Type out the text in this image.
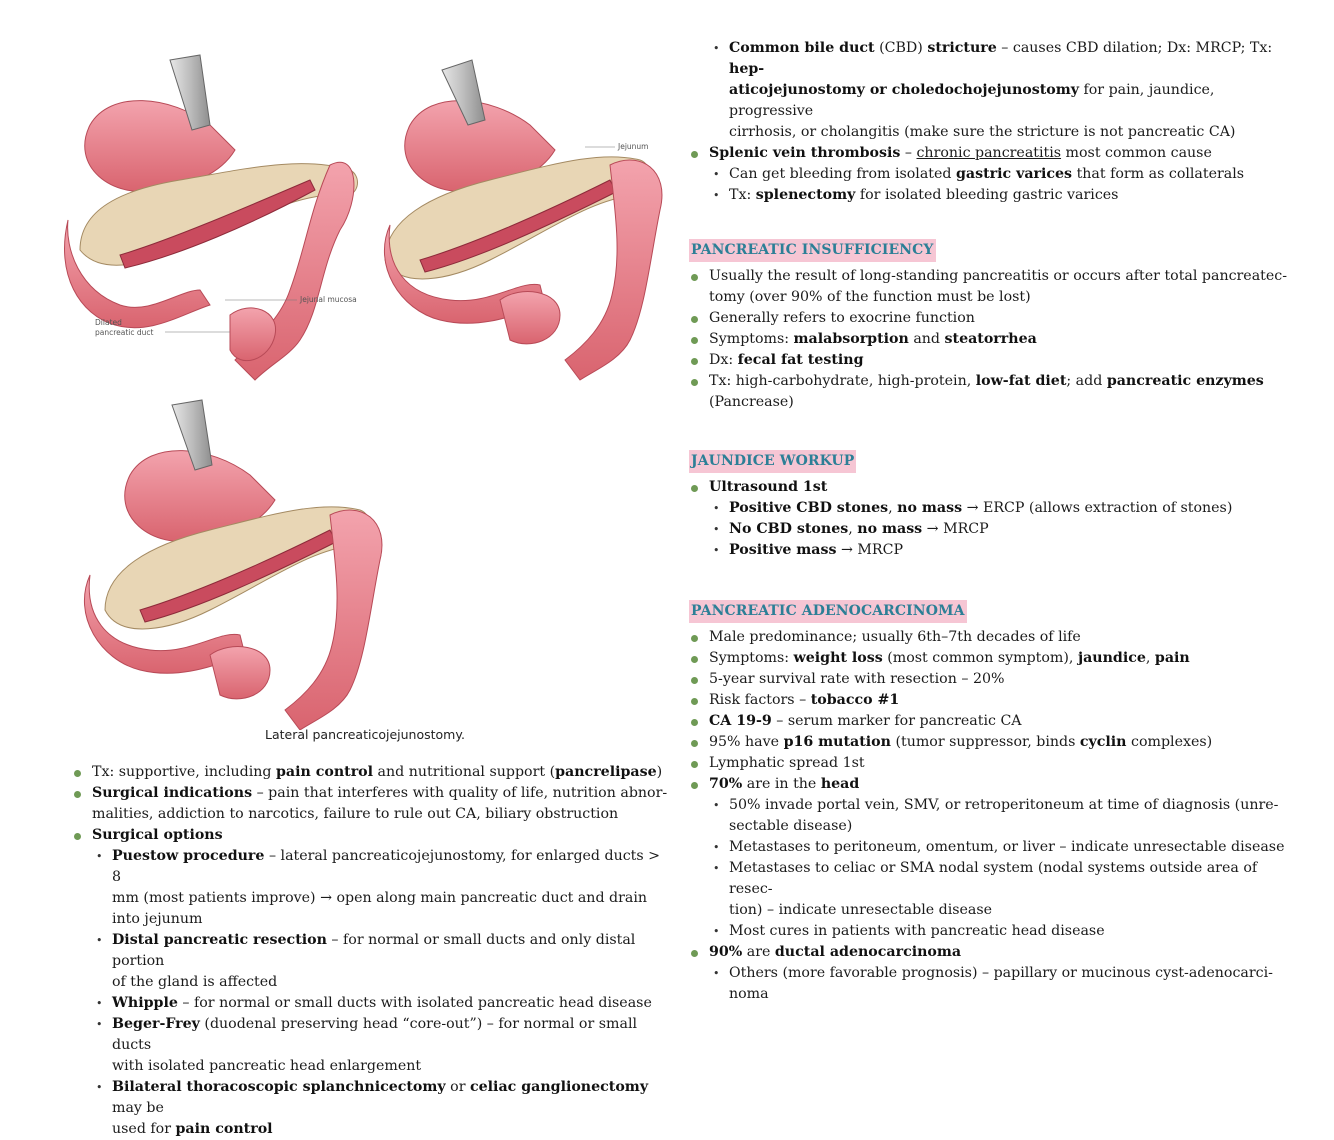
Jejunal mucosa
Dilated
pancreatic duct
Jejunum
Lateral pancreaticojejunostomy.
Tx: supportive, including pain control and nutritional support (pancrelipase)
Surgical indications – pain that interferes with quality of life, nutrition abnor-
malities, addiction to narcotics, failure to rule out CA, biliary obstruction
Surgical options
• Puestow procedure – lateral pancreaticojejunostomy, for enlarged ducts > 8
mm (most patients improve) → open along main pancreatic duct and drain
into jejunum
• Distal pancreatic resection – for normal or small ducts and only distal portion
of the gland is affected
• Whipple – for normal or small ducts with isolated pancreatic head disease
• Beger-Frey (duodenal preserving head “core-out”) – for normal or small ducts
with isolated pancreatic head enlargement
• Bilateral thoracoscopic splanchnicectomy or celiac ganglionectomy may be
used for pain control
• Common bile duct (CBD) stricture – causes CBD dilation; Dx: MRCP; Tx: hep-
aticojejunostomy or choledochojejunostomy for pain, jaundice, progressive
cirrhosis, or cholangitis (make sure the stricture is not pancreatic CA)
Splenic vein thrombosis – chronic pancreatitis most common cause
• Can get bleeding from isolated gastric varices that form as collaterals
• Tx: splenectomy for isolated bleeding gastric varices
PANCREATIC INSUFFICIENCY
Usually the result of long-standing pancreatitis or occurs after total pancreatec-
tomy (over 90% of the function must be lost)
Generally refers to exocrine function
Symptoms: malabsorption and steatorrhea
Dx: fecal fat testing
Tx: high-carbohydrate, high-protein, low-fat diet; add pancreatic enzymes
(Pancrease)
JAUNDICE WORKUP
Ultrasound 1st
• Positive CBD stones, no mass → ERCP (allows extraction of stones)
• No CBD stones, no mass → MRCP
• Positive mass → MRCP
PANCREATIC ADENOCARCINOMA
Male predominance; usually 6th–7th decades of life
Symptoms: weight loss (most common symptom), jaundice, pain
5-year survival rate with resection – 20%
Risk factors – tobacco #1
CA 19-9 – serum marker for pancreatic CA
95% have p16 mutation (tumor suppressor, binds cyclin complexes)
Lymphatic spread 1st
70% are in the head
• 50% invade portal vein, SMV, or retroperitoneum at time of diagnosis (unre-
sectable disease)
• Metastases to peritoneum, omentum, or liver – indicate unresectable disease
• Metastases to celiac or SMA nodal system (nodal systems outside area of resec-
tion) – indicate unresectable disease
• Most cures in patients with pancreatic head disease
90% are ductal adenocarcinoma
• Others (more favorable prognosis) – papillary or mucinous cyst-adenocarci-
noma
